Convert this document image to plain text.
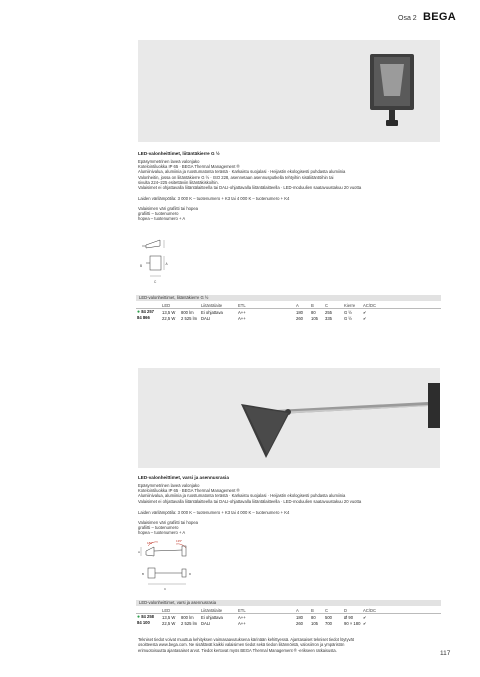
Osa 2 BEGA
LED-valonheittimet, liitäntäkierre G ½
Epäsymmetrinen laveä valonjako
Kotelointiluokka IP 65 · BEGA Thermal Management ®
Alumiinivalua, alumiinia ja ruostumatonta terästä · Karkaistu suojalasi · Heijastin ekologisesti puhdasta alumiinia
Valonheitin, jossa on liitäntäkierre G ½ · ISO 228, asennetaan asennusputkella tehtyihin sisäliitäntöihin tai
sivulta 224–225 esitettäviin liitäntäkiskoihin.
Valaisimet ei ohjattavalla liitäntälaitteella tai DALI-ohjattavalla liitäntälaitteella · LED-moduulien saatavuustakuu 20 vuotta
Laiden värilämpötila: 3 000 K – tuotenumero + K3 tai 4 000 K – tuotenumero + K4
Valaisimen väri grafiitti tai hopea
grafiitti – tuotenumero
hopea – tuotenumero + A
C
A
B
LED-valonheittimet, liitäntäkierre G ½
	LED		Liitäntälaite	ETL	A	B	C	Kierre	AC/DC
● 84 257	13,5 W	800 lm	Ei ohjattava	A++	180	80	255	G ½	✔
84 866	22,5 W	2 525 lm	DALI	A++	260	105	335	G ½	✔
LED-valonheittimet, varsi ja asennusrasia
Epäsymmetrinen laveä valonjako
Kotelointiluokka IP 65 · BEGA Thermal Management ®
Alumiinivalua, alumiinia ja ruostumatonta terästä · Karkaistu suojalasi · Heijastin ekologisesti puhdasta alumiinia
Valaisimet ei ohjattavalla liitäntälaitteella tai DALI-ohjattavalla liitäntälaitteella · LED-moduulien saatavuustakuu 20 vuotta
Laiden värilämpötila: 3 000 K – tuotenumero + K3 tai 4 000 K – tuotenumero + K4
Valaisimen väri grafiitti tai hopea
grafiitti – tuotenumero
hopea – tuotenumero + A
180°	135°
A
C
B	D
LED-valonheittimet, varsi ja asennusrasia
	LED		Liitäntälaite	ETL	A	B	C	D	AC/DC
● 84 258	13,5 W	800 lm	Ei ohjattava	A++	180	80	500	Ø 90	✔
84 100	22,5 W	2 525 lm	DALI	A++	260	105	700	90 × 180	✔
Tekniset tiedot voivat muuttua kehityksen vaimasaavutuksena kärinään kehittyessä. Ajantasaiset tekniset tiedot löytyvät
osoitteesta www.bega.com. Ne sisältävät kaikki valaisimen tiedot sekä tiedon liitännöistä, valosiirron ja ympäristön
erimuotoisuutta ajantasaiset arvot. Tiedot kertovat myös BEGA Thermal Management ® -erikseen ratkaisusta.	117
